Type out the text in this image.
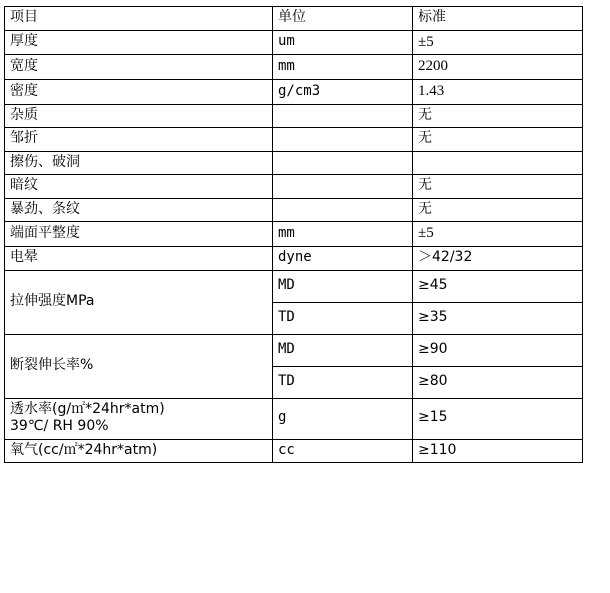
项目	单位	标准
厚度	um	±5
宽度	mm	2200
密度	g/cm3	1.43
杂质		无
邹折		无
擦伤、破洞		
暗纹		无
暴劲、条纹		无
端面平整度	mm	±5
电晕	dyne	＞42/32
拉伸强度MPa	MD	≥45
	TD	≥35
断裂伸长率%	MD	≥90
	TD	≥80

透水率(g/㎡*24hr*atm)
39℃/ RH 90%	g	≥15
氧气(cc/㎡*24hr*atm)	cc	≥110
